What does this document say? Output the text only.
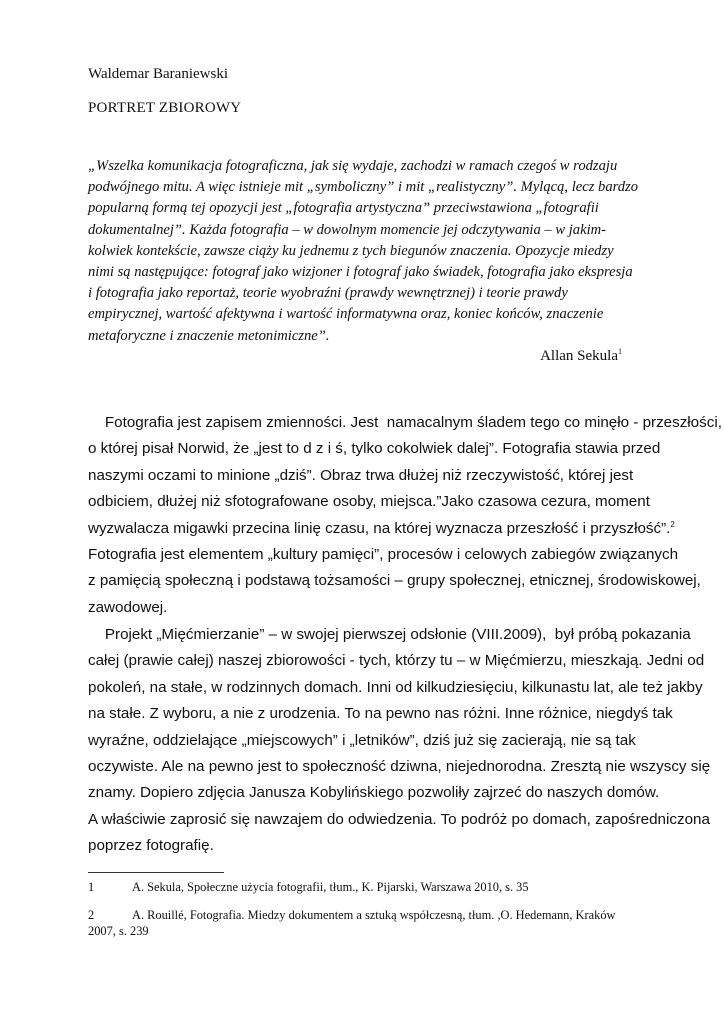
Waldemar Baraniewski
PORTRET ZBIOROWY
„Wszelka komunikacja fotograficzna, jak się wydaje, zachodzi w ramach czegoś w rodzaju
podwójnego mitu. A więc istnieje mit „symboliczny” i mit „realistyczny”. Mylącą, lecz bardzo
popularną formą tej opozycji jest „fotografia artystyczna” przeciwstawiona „fotografii
dokumentalnej”. Każda fotografia – w dowolnym momencie jej odczytywania – w jakim-
kolwiek kontekście, zawsze ciąży ku jednemu z tych biegunów znaczenia. Opozycje miedzy
nimi są następujące: fotograf jako wizjoner i fotograf jako świadek, fotografia jako ekspresja
i fotografia jako reportaż, teorie wyobraźni (prawdy wewnętrznej) i teorie prawdy
empirycznej, wartość afektywna i wartość informatywna oraz, koniec końców, znaczenie
metaforyczne i znaczenie metonimiczne”.
Allan Sekula$^1$
Fotografia jest zapisem zmienności. Jest  namacalnym śladem tego co minęło - przeszłości,
o której pisał Norwid, że „jest to d z i ś, tylko cokolwiek dalej”. Fotografia stawia przed
naszymi oczami to minione „dziś”. Obraz trwa dłużej niż rzeczywistość, której jest
odbiciem, dłużej niż sfotografowane osoby, miejsca.”Jako czasowa cezura, moment
wyzwalacza migawki przecina linię czasu, na której wyznacza przeszłość i przyszłość”.$^2$
Fotografia jest elementem „kultury pamięci”, procesów i celowych zabiegów związanych
z pamięcią społeczną i podstawą tożsamości – grupy społecznej, etnicznej, środowiskowej,
zawodowej.
Projekt „Mięćmierzanie” – w swojej pierwszej odsłonie (VIII.2009),  był próbą pokazania
całej (prawie całej) naszej zbiorowości - tych, którzy tu – w Mięćmierzu, mieszkają. Jedni od
pokoleń, na stałe, w rodzinnych domach. Inni od kilkudziesięciu, kilkunastu lat, ale też jakby
na stałe. Z wyboru, a nie z urodzenia. To na pewno nas różni. Inne różnice, niegdyś tak
wyraźne, oddzielające „miejscowych” i „letników”, dziś już się zacierają, nie są tak
oczywiste. Ale na pewno jest to społeczność dziwna, niejednorodna. Zresztą nie wszyscy się
znamy. Dopiero zdjęcia Janusza Kobylińskiego pozwoliły zajrzeć do naszych domów.
A właściwie zaprosić się nawzajem do odwiedzenia. To podróż po domach, zapośredniczona
poprzez fotografię.
1	A. Sekula, Społeczne użycia fotografii, tłum., K. Pijarski, Warszawa 2010, s. 35
2	A. Rouillé, Fotografia. Miedzy dokumentem a sztuką współczesną, tłum. ,O. Hedemann, Kraków
2007, s. 239
